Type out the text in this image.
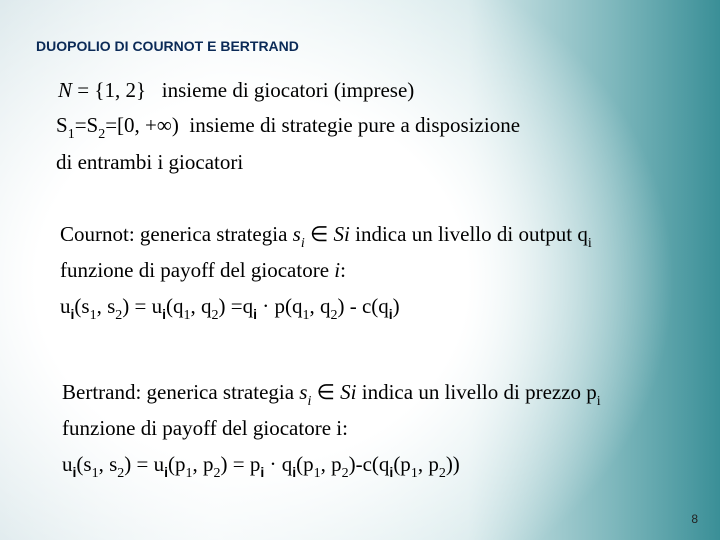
DUOPOLIO DI COURNOT E BERTRAND
N = {1, 2} insieme di giocatori (imprese)
$S_1=S_2=[0$, +∞) insieme di strategie pure a disposizione
di entrambi i giocatori
Cournot: generica strategia $s_i$ ∈ Si indica un livello di output $q_i$
funzione di payoff del giocatore i:
$u_i(s_1$, $s_2) = u_i(q_1$, $q_2) =q_i \cdot p(q_1$, $q_2) - c(q_i)$
Bertrand: generica strategia $s_i$ ∈ Si indica un livello di prezzo $p_i$
funzione di payoff del giocatore i:
$u_i(s_1$, $s_2) = u_i(p_1$, $p_2) = p_i \cdot q_i(p_1$, $p_2)-c(q_i(p_1$, $p_2$))
8
